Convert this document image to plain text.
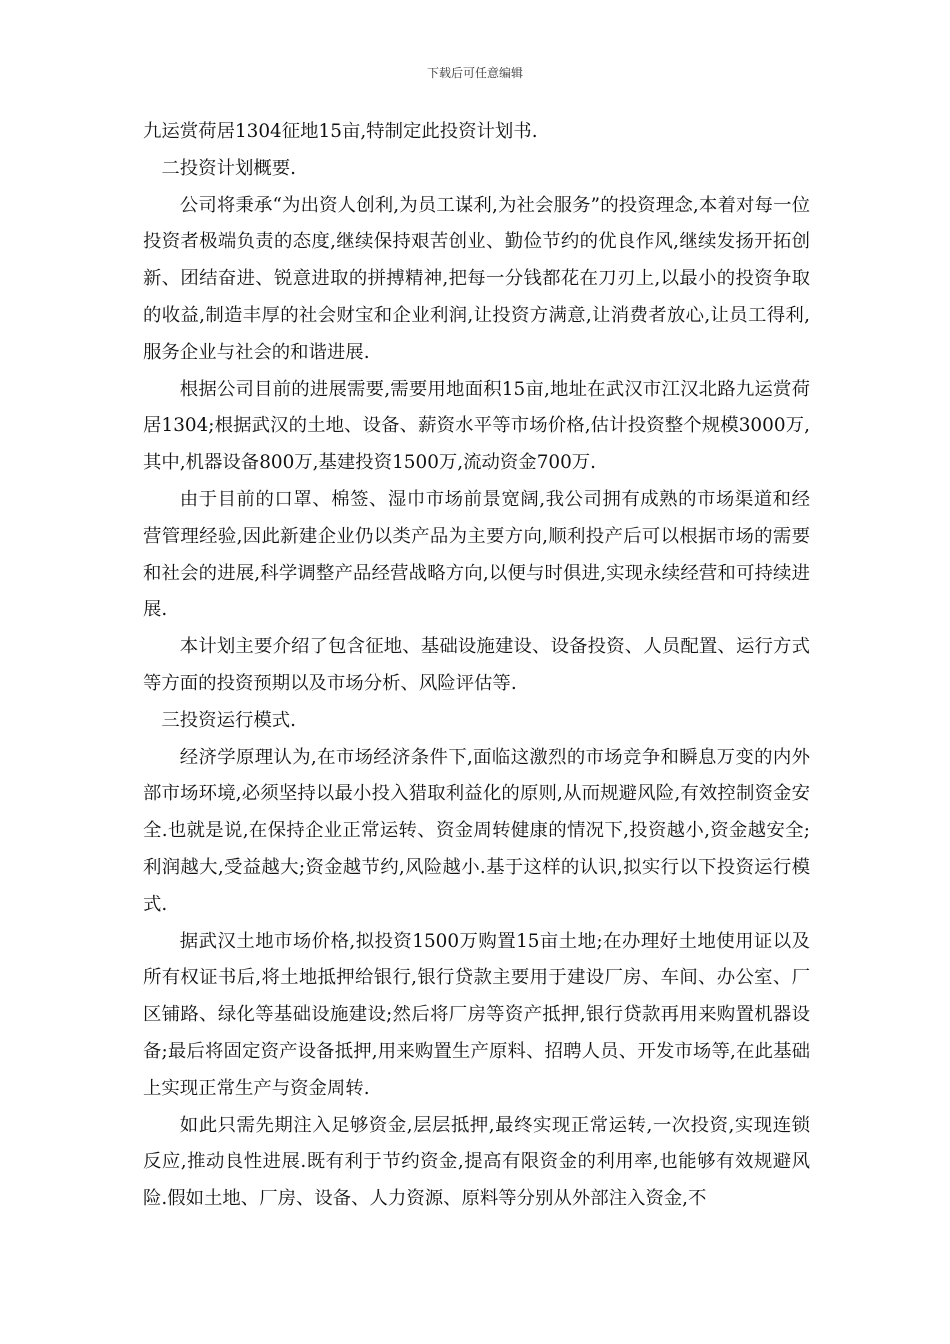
下载后可任意编辑

九运赏荷居1304征地15亩,特制定此投资计划书.

二投资计划概要.

公司将秉承“为出资人创利,为员工谋利,为社会服务”的投资理念,本着对每一位投资者极端负责的态度,继续保持艰苦创业、勤俭节约的优良作风,继续发扬开拓创新、团结奋进、锐意进取的拼搏精神,把每一分钱都花在刀刃上,以最小的投资争取的收益,制造丰厚的社会财宝和企业利润,让投资方满意,让消费者放心,让员工得利,服务企业与社会的和谐进展.

根据公司目前的进展需要,需要用地面积15亩,地址在武汉市江汉北路九运赏荷居1304;根据武汉的土地、设备、薪资水平等市场价格,估计投资整个规模3000万,其中,机器设备800万,基建投资1500万,流动资金700万.

由于目前的口罩、棉签、湿巾市场前景宽阔,我公司拥有成熟的市场渠道和经营管理经验,因此新建企业仍以类产品为主要方向,顺利投产后可以根据市场的需要和社会的进展,科学调整产品经营战略方向,以便与时俱进,实现永续经营和可持续进展.

本计划主要介绍了包含征地、基础设施建设、设备投资、人员配置、运行方式等方面的投资预期以及市场分析、风险评估等.

三投资运行模式.

经济学原理认为,在市场经济条件下,面临这激烈的市场竞争和瞬息万变的内外部市场环境,必须坚持以最小投入猎取利益化的原则,从而规避风险,有效控制资金安全.也就是说,在保持企业正常运转、资金周转健康的情况下,投资越小,资金越安全;利润越大,受益越大;资金越节约,风险越小.基于这样的认识,拟实行以下投资运行模式.

据武汉土地市场价格,拟投资1500万购置15亩土地;在办理好土地使用证以及所有权证书后,将土地抵押给银行,银行贷款主要用于建设厂房、车间、办公室、厂区铺路、绿化等基础设施建设;然后将厂房等资产抵押,银行贷款再用来购置机器设备;最后将固定资产设备抵押,用来购置生产原料、招聘人员、开发市场等,在此基础上实现正常生产与资金周转.

如此只需先期注入足够资金,层层抵押,最终实现正常运转,一次投资,实现连锁反应,推动良性进展.既有利于节约资金,提高有限资金的利用率,也能够有效规避风险.假如土地、厂房、设备、人力资源、原料等分别从外部注入资金,不
